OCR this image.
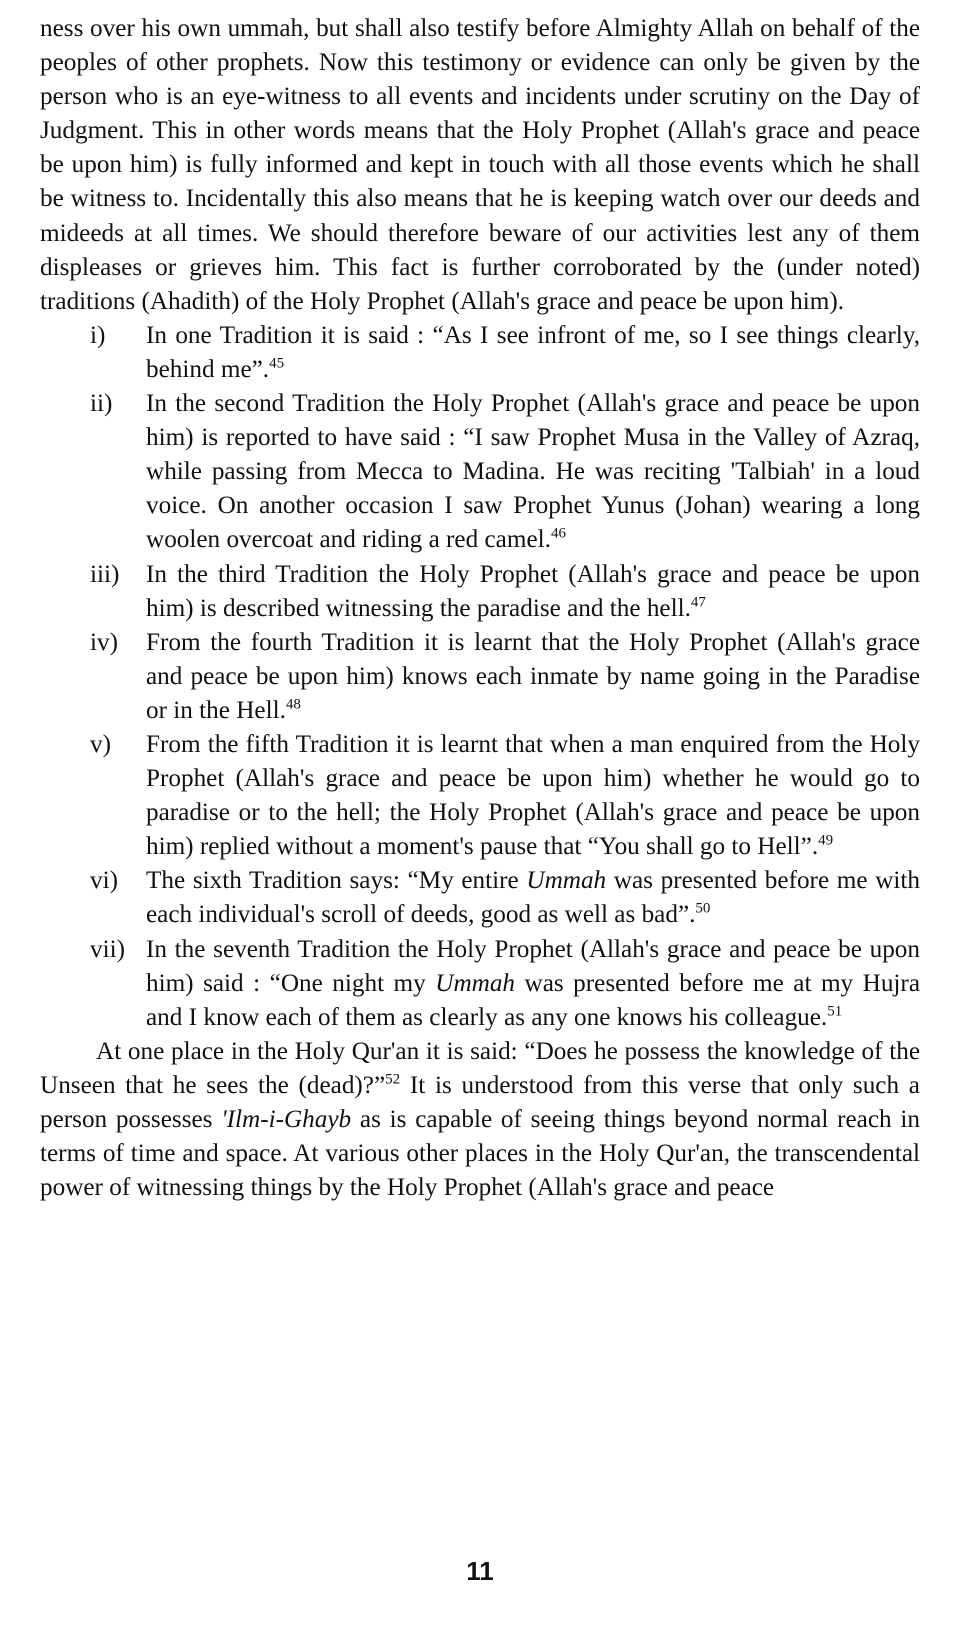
ness over his own ummah, but shall also testify before Almighty Allah on behalf of the peoples of other prophets. Now this testimony or evidence can only be given by the person who is an eye-witness to all events and incidents under scrutiny on the Day of Judgment. This in other words means that the Holy Prophet (Allah's grace and peace be upon him) is fully informed and kept in touch with all those events which he shall be witness to. Incidentally this also means that he is keeping watch over our deeds and mideeds at all times. We should therefore beware of our activities lest any of them displeases or grieves him. This fact is further corroborated by the (under noted) traditions (Ahadith) of the Holy Prophet (Allah's grace and peace be upon him).

i)	In one Tradition it is said : “As I see infront of me, so I see things clearly, behind me”.$^{45}$
ii)	In the second Tradition the Holy Prophet (Allah's grace and peace be upon him) is reported to have said : “I saw Prophet Musa in the Valley of Azraq, while passing from Mecca to Madina. He was reciting 'Talbiah' in a loud voice. On another occasion I saw Prophet Yunus (Johan) wearing a long woolen overcoat and riding a red camel.$^{46}$
iii)	In the third Tradition the Holy Prophet (Allah's grace and peace be upon him) is described witnessing the paradise and the hell.$^{47}$
iv)	From the fourth Tradition it is learnt that the Holy Prophet (Allah's grace and peace be upon him) knows each inmate by name going in the Paradise or in the Hell.$^{48}$
v)	From the fifth Tradition it is learnt that when a man enquired from the Holy Prophet (Allah's grace and peace be upon him) whether he would go to paradise or to the hell; the Holy Prophet (Allah's grace and peace be upon him) replied without a moment's pause that “You shall go to Hell”.$^{49}$
vi)	The sixth Tradition says: “My entire Ummah was presented before me with each individual's scroll of deeds, good as well as bad”.$^{50}$
vii) In the seventh Tradition the Holy Prophet (Allah's grace and peace be upon him) said : “One night my Ummah was presented before me at my Hujra and I know each of them as clearly as any one knows his colleague.$^{51}$

At one place in the Holy Qur'an it is said: “Does he possess the knowledge of the Unseen that he sees the (dead)?”$^{52}$ It is understood from this verse that only such a person possesses 'Ilm-i-Ghayb as is capable of seeing things beyond normal reach in terms of time and space. At various other places in the Holy Qur'an, the transcendental power of witnessing things by the Holy Prophet (Allah's grace and peace

11
